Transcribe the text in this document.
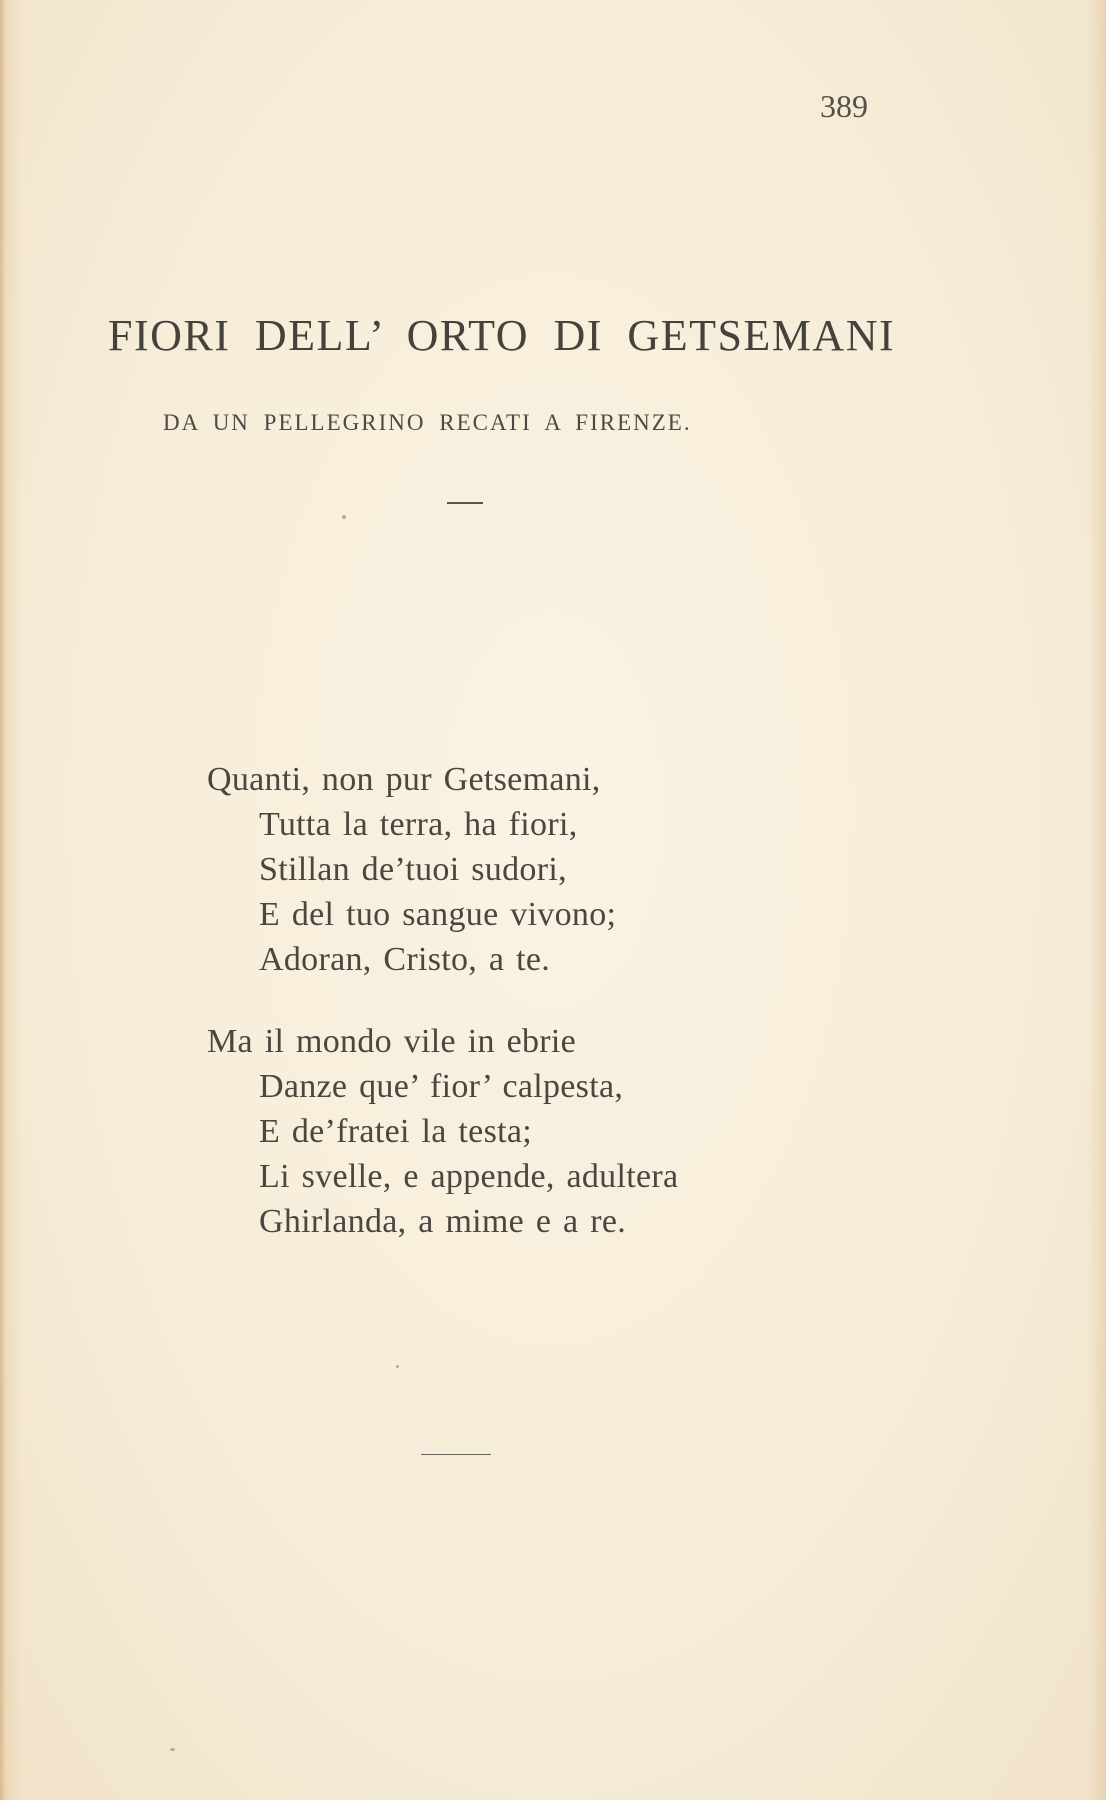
389
FIORI DELL’ ORTO DI GETSEMANI
DA UN PELLEGRINO RECATI A FIRENZE.
Quanti, non pur Getsemani,
Tutta la terra, ha fiori,
Stillan de’tuoi sudori,
E del tuo sangue vivono;
Adoran, Cristo, a te.
Ma il mondo vile in ebrie
Danze que’ fior’ calpesta,
E de’fratei la testa;
Li svelle, e appende, adultera
Ghirlanda, a mime e a re.
